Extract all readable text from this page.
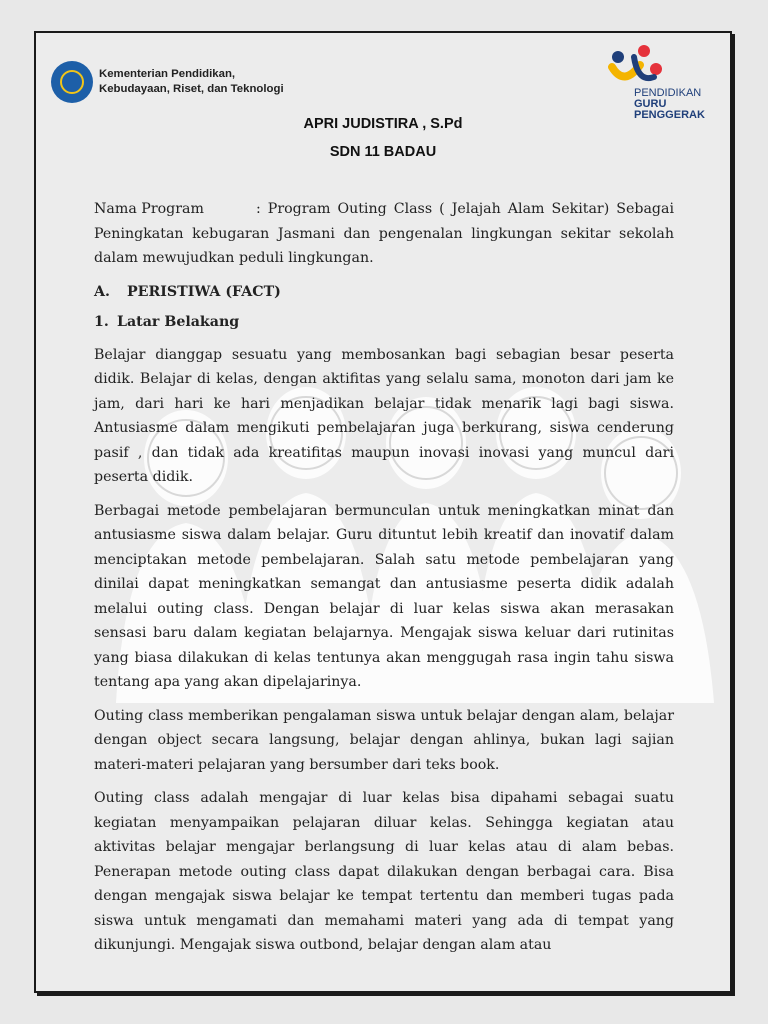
Kementerian Pendidikan,
Kebudayaan, Riset, dan Teknologi	PENDIDIKAN
GURU
PENGGERAK
APRI JUDISTIRA , S.Pd
SDN 11 BADAU

Nama Program	: Program Outing Class ( Jelajah Alam Sekitar) Sebagai Peningkatan kebugaran Jasmani dan pengenalan lingkungan sekitar sekolah dalam mewujudkan peduli lingkungan.

A.	PERISTIWA (FACT)
1. Latar Belakang

Belajar dianggap sesuatu yang membosankan bagi sebagian besar peserta didik. Belajar di kelas, dengan aktifitas yang selalu sama, monoton dari jam ke jam, dari hari ke hari menjadikan belajar tidak menarik lagi bagi siswa. Antusiasme dalam mengikuti pembelajaran juga berkurang, siswa cenderung pasif , dan tidak ada kreatifitas maupun inovasi inovasi yang muncul dari peserta didik.

Berbagai metode pembelajaran bermunculan untuk meningkatkan minat dan antusiasme siswa dalam belajar. Guru dituntut lebih kreatif dan inovatif dalam menciptakan metode pembelajaran. Salah satu metode pembelajaran yang dinilai dapat meningkatkan semangat dan antusiasme peserta didik adalah melalui outing class. Dengan belajar di luar kelas siswa akan merasakan sensasi baru dalam kegiatan belajarnya. Mengajak siswa keluar dari rutinitas yang biasa dilakukan di kelas tentunya akan menggugah rasa ingin tahu siswa tentang apa yang akan dipelajarinya.

Outing class memberikan pengalaman siswa untuk belajar dengan alam, belajar dengan object secara langsung, belajar dengan ahlinya, bukan lagi sajian materi-materi pelajaran yang bersumber dari teks book.

Outing class adalah mengajar di luar kelas bisa dipahami sebagai suatu kegiatan menyampaikan pelajaran diluar kelas. Sehingga kegiatan atau aktivitas belajar mengajar berlangsung di luar kelas atau di alam bebas. Penerapan metode outing class dapat dilakukan dengan berbagai cara. Bisa dengan mengajak siswa belajar ke tempat tertentu dan memberi tugas pada siswa untuk mengamati dan memahami materi yang ada di tempat yang dikunjungi. Mengajak siswa outbond, belajar dengan alam atau
